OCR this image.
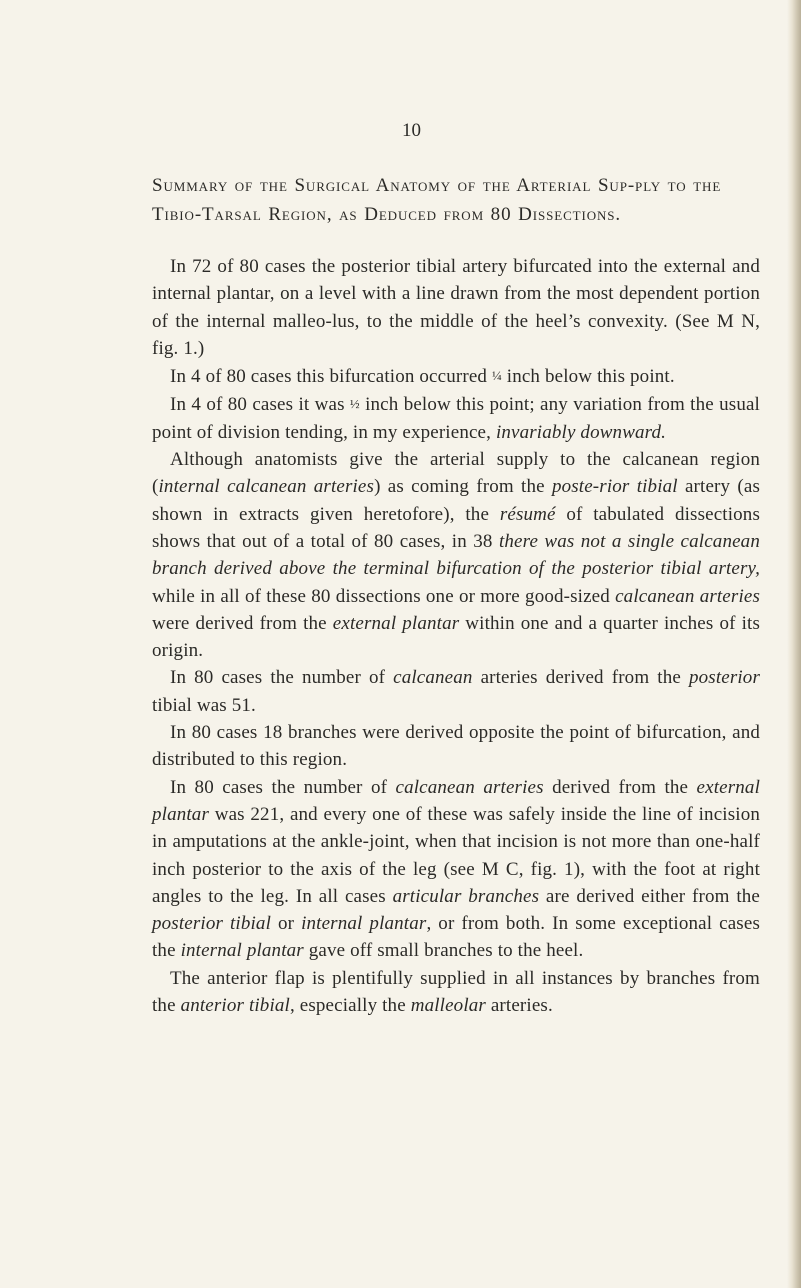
10

Summary of the Surgical Anatomy of the Arterial Sup-ply to the Tibio-Tarsal Region, as Deduced from 80 Dissections.

In 72 of 80 cases the posterior tibial artery bifurcated into the external and internal plantar, on a level with a line drawn from the most dependent portion of the internal malleo-lus, to the middle of the heel’s convexity. (See M N, fig. 1.)

In 4 of 80 cases this bifurcation occurred ¼ inch below this point.

In 4 of 80 cases it was ½ inch below this point; any variation from the usual point of division tending, in my experience, invariably downward.

Although anatomists give the arterial supply to the calcanean region (internal calcanean arteries) as coming from the poste-rior tibial artery (as shown in extracts given heretofore), the résumé of tabulated dissections shows that out of a total of 80 cases, in 38 there was not a single calcanean branch derived above the terminal bifurcation of the posterior tibial artery, while in all of these 80 dissections one or more good-sized calcanean arteries were derived from the external plantar within one and a quarter inches of its origin.

In 80 cases the number of calcanean arteries derived from the posterior tibial was 51.

In 80 cases 18 branches were derived opposite the point of bifurcation, and distributed to this region.

In 80 cases the number of calcanean arteries derived from the external plantar was 221, and every one of these was safely inside the line of incision in amputations at the ankle-joint, when that incision is not more than one-half inch posterior to the axis of the leg (see M C, fig. 1), with the foot at right angles to the leg. In all cases articular branches are derived either from the posterior tibial or internal plantar, or from both. In some exceptional cases the internal plantar gave off small branches to the heel.

The anterior flap is plentifully supplied in all instances by branches from the anterior tibial, especially the malleolar arteries.
